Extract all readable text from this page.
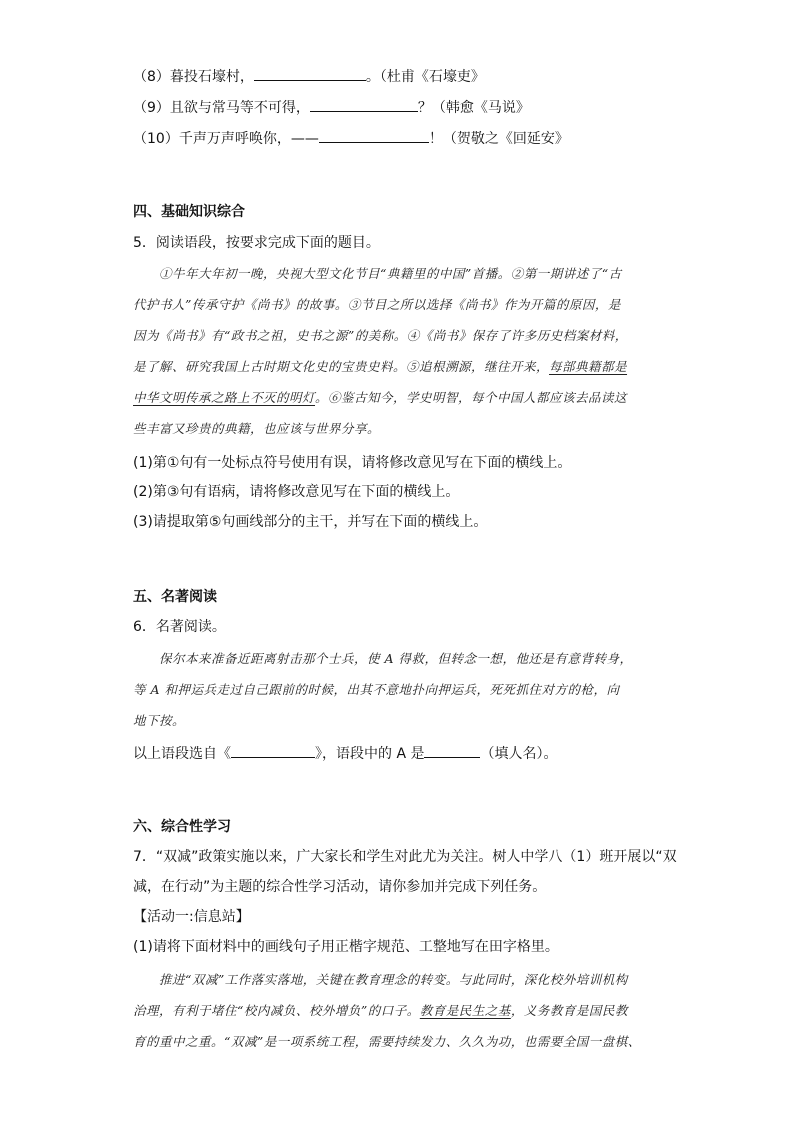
（8）暮投石壕村，	。（杜甫《石壕吏》
（9）且欲与常马等不可得，	？（韩愈《马说》
（10）千声万声呼唤你，——	！（贺敬之《回延安》
四、基础知识综合
5．阅读语段，按要求完成下面的题目。
①牛年大年初一晚，央视大型文化节目“典籍里的中国”首播。②第一期讲述了“古
代护书人”传承守护《尚书》的故事。③节目之所以选择《尚书》作为开篇的原因，是
因为《尚书》有“政书之祖，史书之源”的美称。④《尚书》保存了许多历史档案材料，
是了解、研究我国上古时期文化史的宝贵史料。⑤追根溯源，继往开来，每部典籍都是
中华文明传承之路上不灭的明灯。⑥鉴古知今，学史明智，每个中国人都应该去品读这
些丰富又珍贵的典籍，也应该与世界分享。
(1)第①句有一处标点符号使用有误，请将修改意见写在下面的横线上。
(2)第③句有语病，请将修改意见写在下面的横线上。
(3)请提取第⑤句画线部分的主干，并写在下面的横线上。
五、名著阅读
6．名著阅读。
保尔本来准备近距离射击那个士兵，使 A 得救，但转念一想，他还是有意背转身，
等 A 和押运兵走过自己跟前的时候，出其不意地扑向押运兵，死死抓住对方的枪，向
地下按。
以上语段选自《	》，语段中的 A 是	（填人名）。
六、综合性学习
7．“双减”政策实施以来，广大家长和学生对此尤为关注。树人中学八（1）班开展以“双
减，在行动”为主题的综合性学习活动，请你参加并完成下列任务。
【活动一:信息站】
(1)请将下面材料中的画线句子用正楷字规范、工整地写在田字格里。
推进“双减”工作落实落地，关键在教育理念的转变。与此同时，深化校外培训机构
治理，有利于堵住“校内减负、校外增负”的口子。教育是民生之基，义务教育是国民教
育的重中之重。“双减”是一项系统工程，需要持续发力、久久为功，也需要全国一盘棋、
